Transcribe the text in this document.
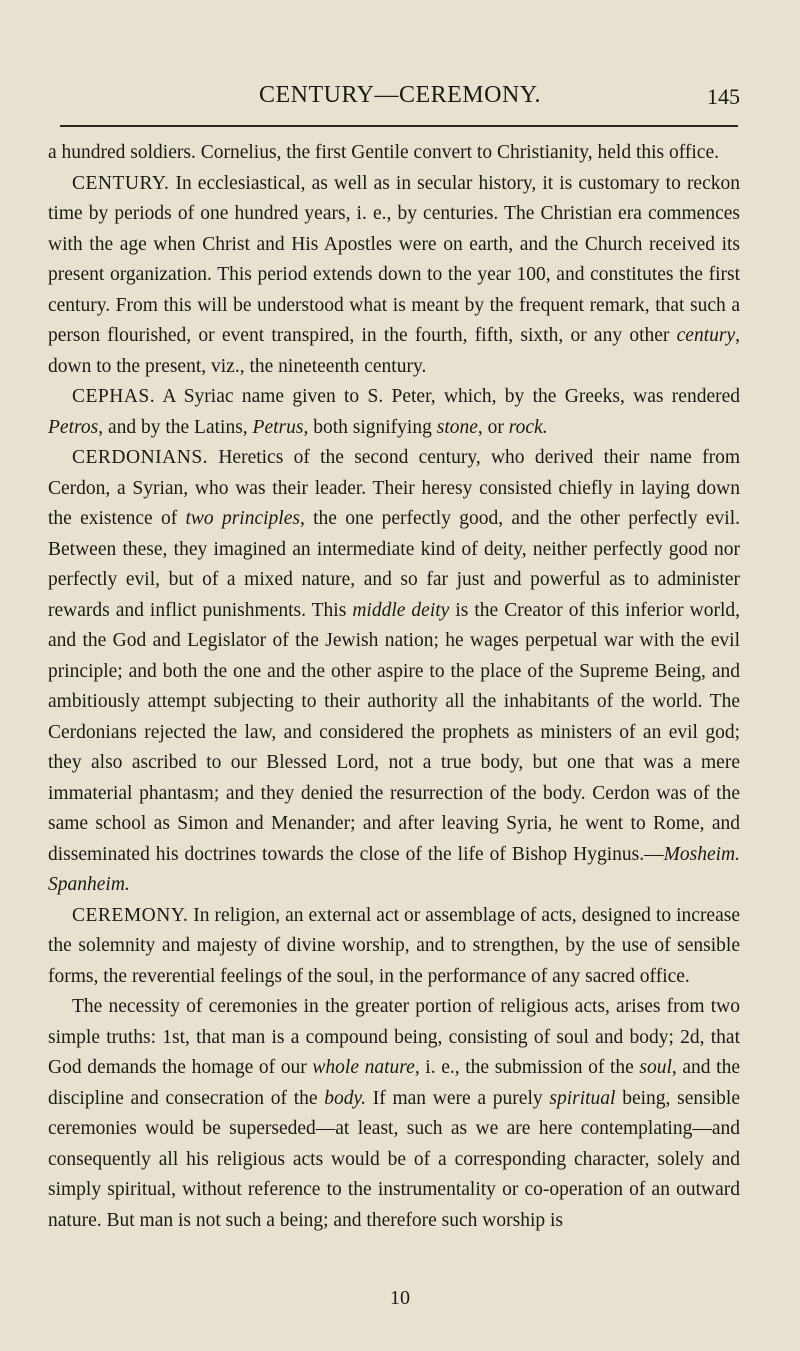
CENTURY—CEREMONY.	145

a hundred soldiers. Cornelius, the first Gentile convert to Christianity, held this office.

CENTURY. In ecclesiastical, as well as in secular history, it is customary to reckon time by periods of one hundred years, i. e., by centuries. The Christian era commences with the age when Christ and His Apostles were on earth, and the Church received its present organization. This period extends down to the year 100, and constitutes the first century. From this will be understood what is meant by the frequent remark, that such a person flourished, or event transpired, in the fourth, fifth, sixth, or any other century, down to the present, viz., the nineteenth century.

CEPHAS. A Syriac name given to S. Peter, which, by the Greeks, was rendered Petros, and by the Latins, Petrus, both signifying stone, or rock.

CERDONIANS. Heretics of the second century, who derived their name from Cerdon, a Syrian, who was their leader. Their heresy consisted chiefly in laying down the existence of two principles, the one perfectly good, and the other perfectly evil. Between these, they imagined an intermediate kind of deity, neither perfectly good nor perfectly evil, but of a mixed nature, and so far just and powerful as to administer rewards and inflict punishments. This middle deity is the Creator of this inferior world, and the God and Legislator of the Jewish nation; he wages perpetual war with the evil principle; and both the one and the other aspire to the place of the Supreme Being, and ambitiously attempt subjecting to their authority all the inhabitants of the world. The Cerdonians rejected the law, and considered the prophets as ministers of an evil god; they also ascribed to our Blessed Lord, not a true body, but one that was a mere immaterial phantasm; and they denied the resurrection of the body. Cerdon was of the same school as Simon and Menander; and after leaving Syria, he went to Rome, and disseminated his doctrines towards the close of the life of Bishop Hyginus.—Mosheim. Spanheim.

CEREMONY. In religion, an external act or assemblage of acts, designed to increase the solemnity and majesty of divine worship, and to strengthen, by the use of sensible forms, the reverential feelings of the soul, in the performance of any sacred office.

The necessity of ceremonies in the greater portion of religious acts, arises from two simple truths: 1st, that man is a compound being, consisting of soul and body; 2d, that God demands the homage of our whole nature, i. e., the submission of the soul, and the discipline and consecration of the body. If man were a purely spiritual being, sensible ceremonies would be superseded—at least, such as we are here contemplating—and consequently all his religious acts would be of a corresponding character, solely and simply spiritual, without reference to the instrumentality or co-operation of an outward nature. But man is not such a being; and therefore such worship is

10
